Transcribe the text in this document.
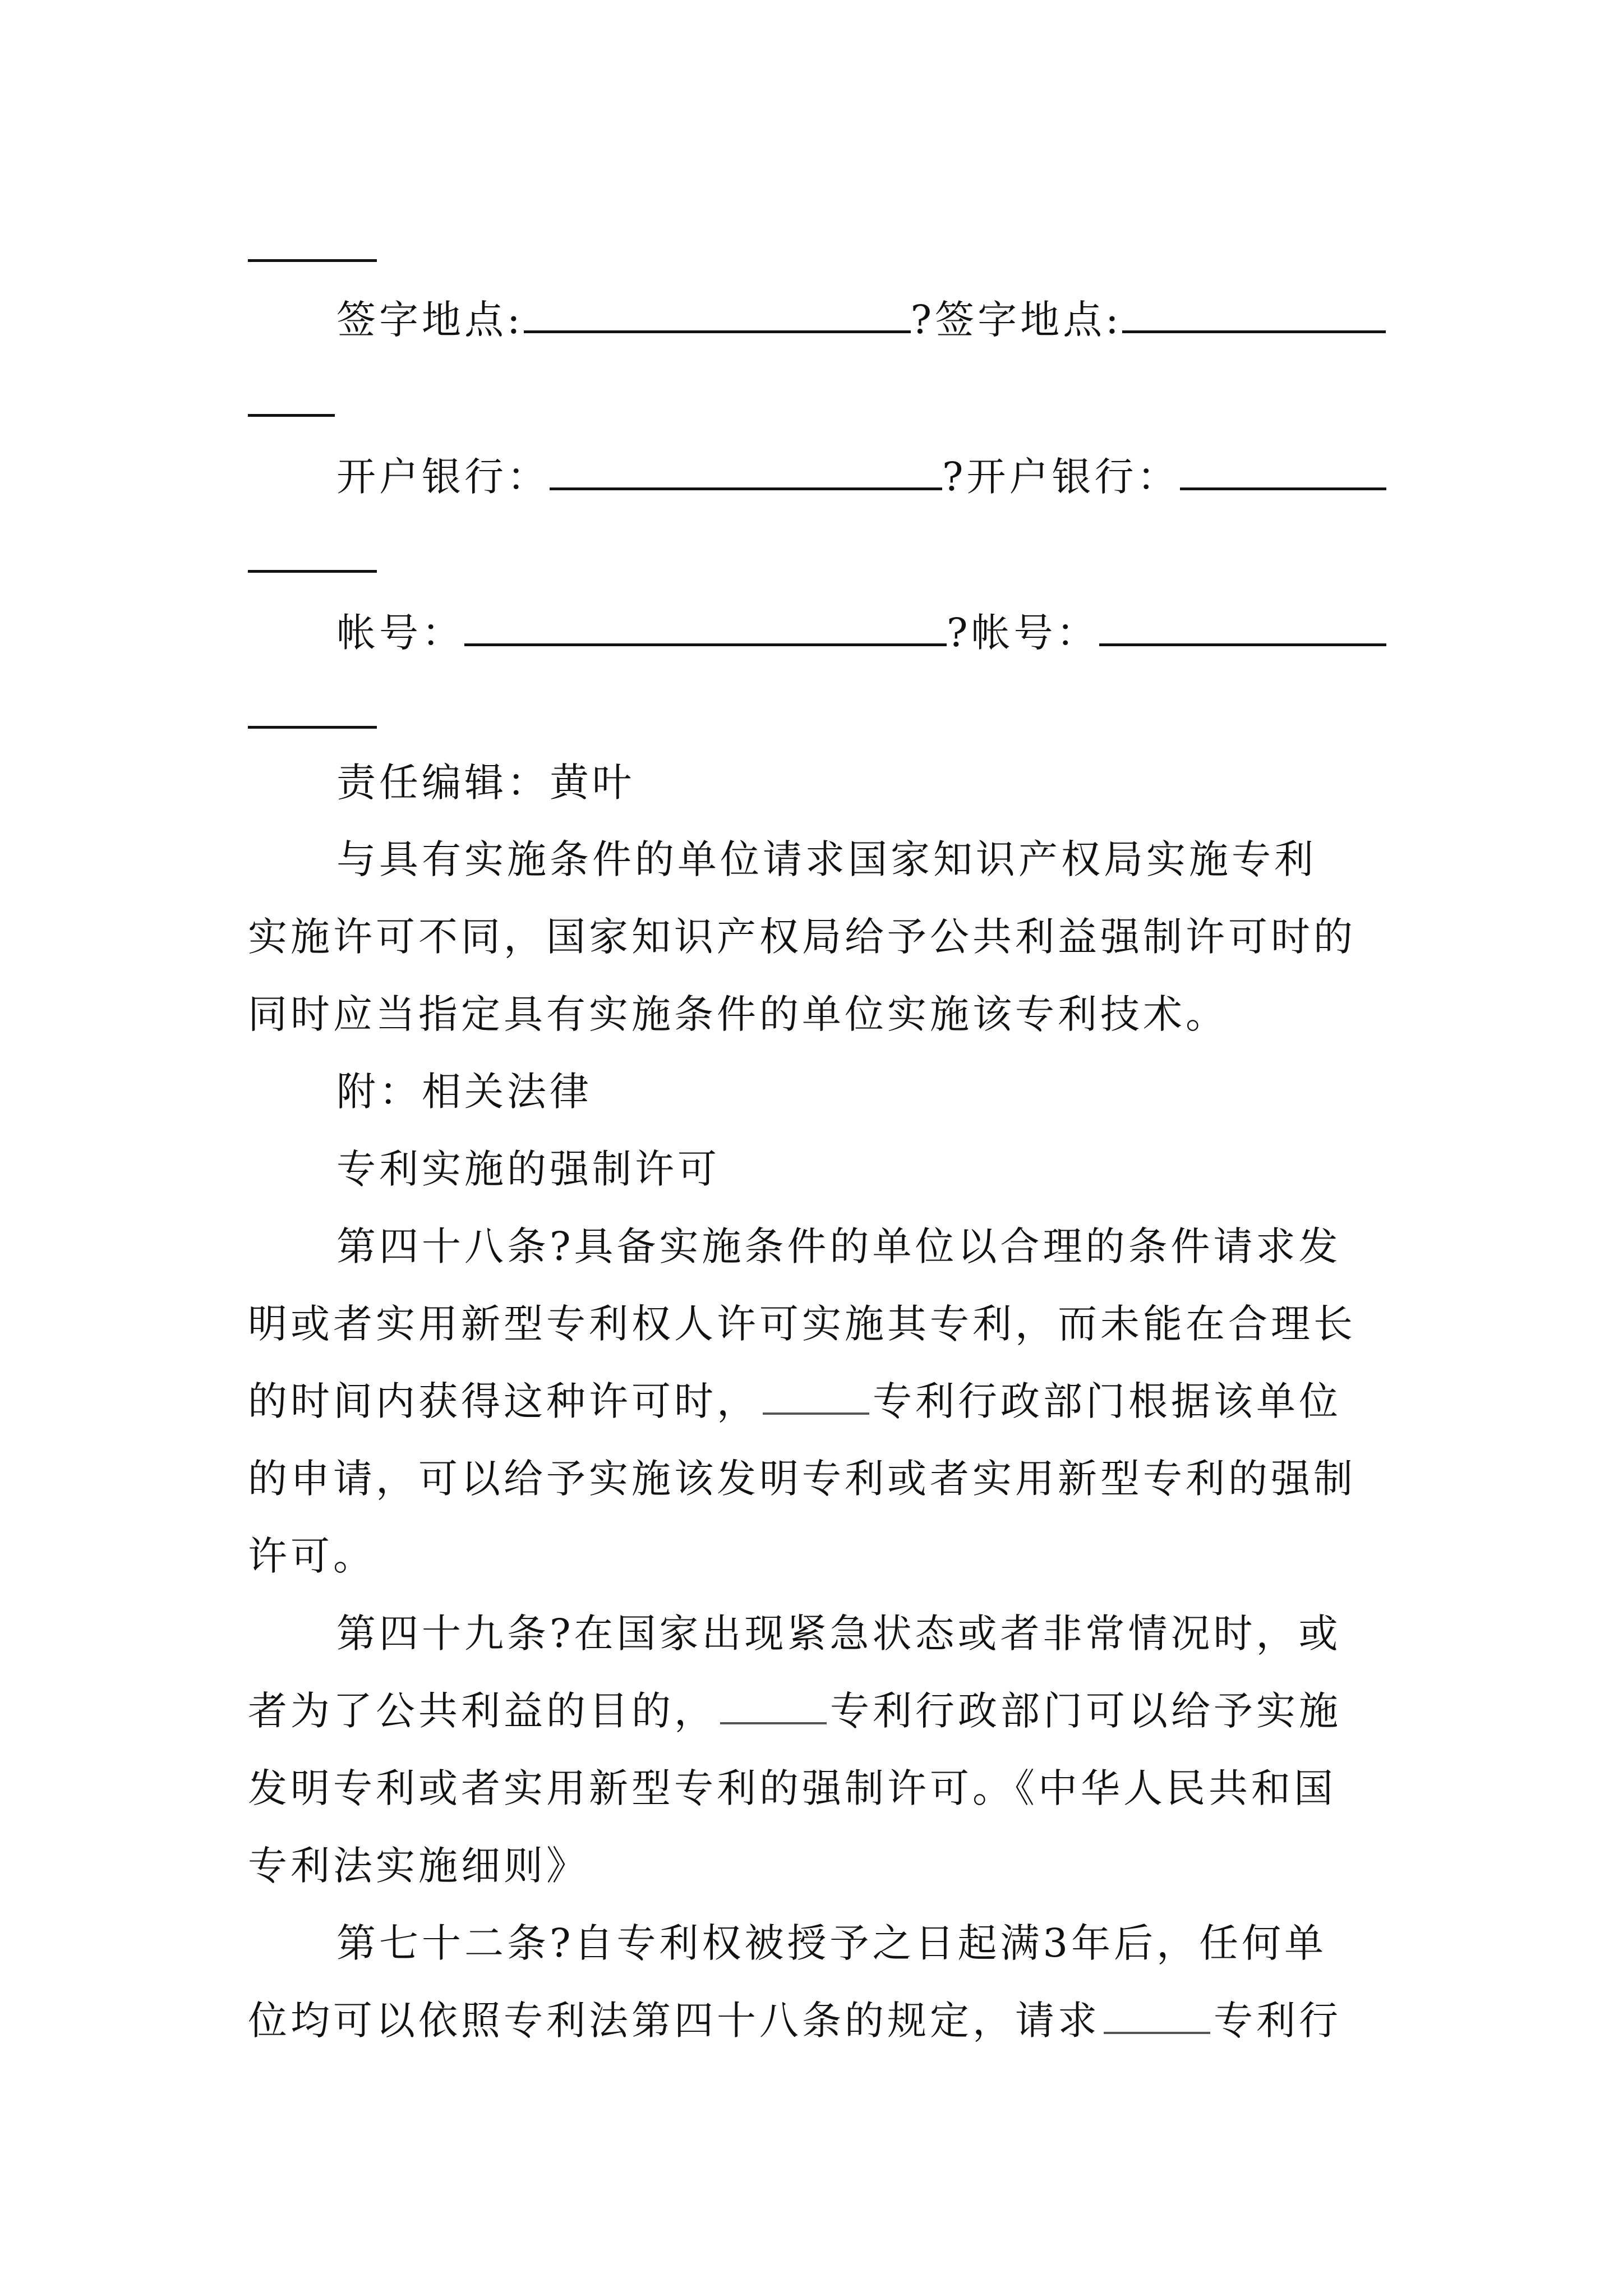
签字地点:	?签字地点:
开户银行：	?开户银行：
帐号：	?帐号：
责任编辑：黄叶
与具有实施条件的单位请求国家知识产权局实施专利
实施许可不同，国家知识产权局给予公共利益强制许可时的
同时应当指定具有实施条件的单位实施该专利技术。
附：相关法律
专利实施的强制许可
第四十八条?具备实施条件的单位以合理的条件请求发
明或者实用新型专利权人许可实施其专利，而未能在合理长
的时间内获得这种许可时，	专利行政部门根据该单位
的申请，可以给予实施该发明专利或者实用新型专利的强制
许可。
第四十九条?在国家出现紧急状态或者非常情况时，或
者为了公共利益的目的，	专利行政部门可以给予实施
发明专利或者实用新型专利的强制许可。《中华人民共和国
专利法实施细则》
第七十二条?自专利权被授予之日起满3年后，任何单
位均可以依照专利法第四十八条的规定，请求	专利行
